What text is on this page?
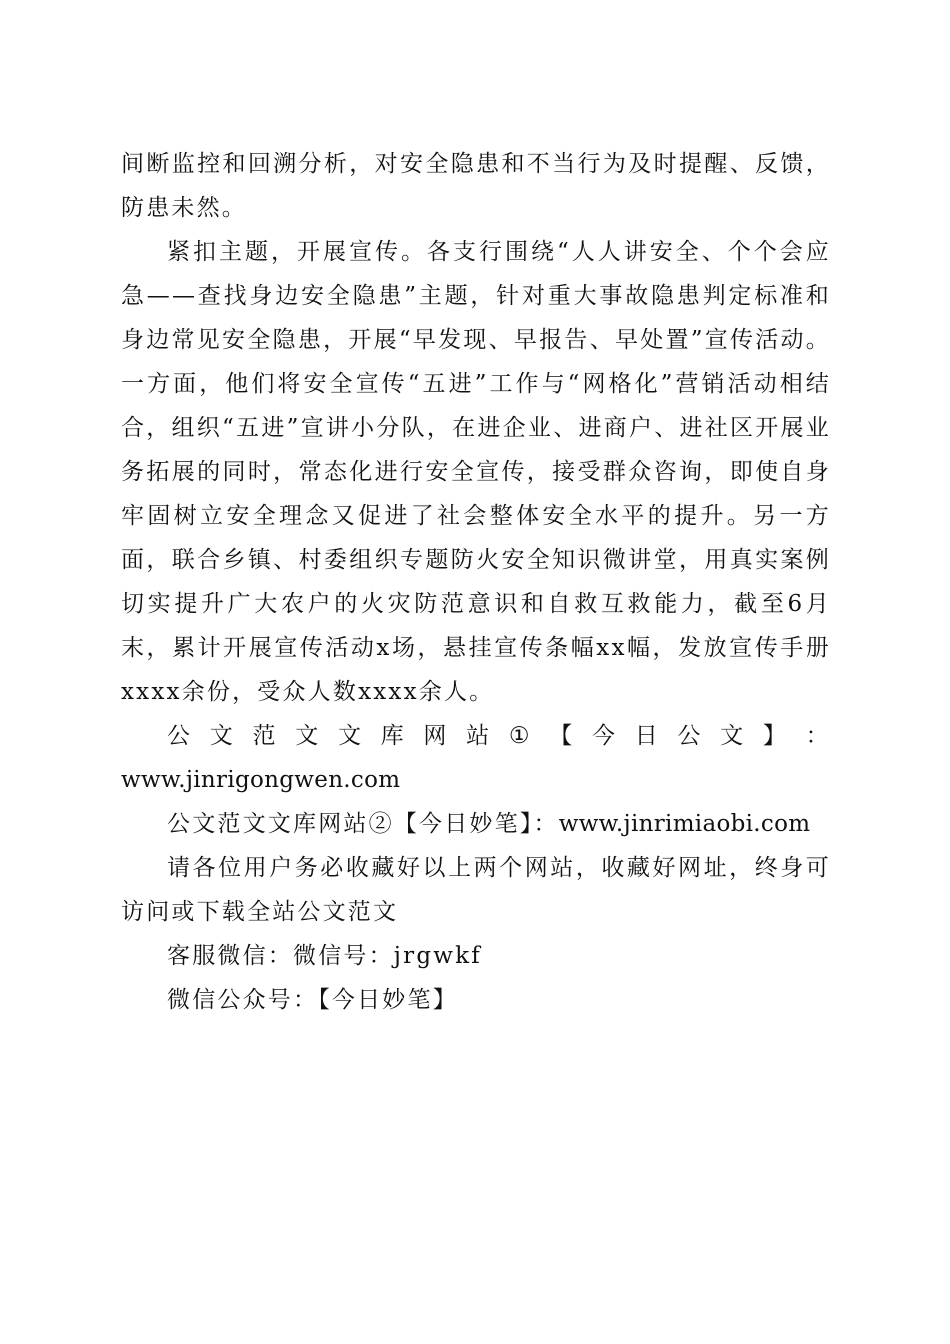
间断监控和回溯分析，对安全隐患和不当行为及时提醒、反馈，防患未然。

紧扣主题，开展宣传。各支行围绕“人人讲安全、个个会应急——查找身边安全隐患”主题，针对重大事故隐患判定标准和身边常见安全隐患，开展“早发现、早报告、早处置”宣传活动。一方面，他们将安全宣传“五进”工作与“网格化”营销活动相结合，组织“五进”宣讲小分队，在进企业、进商户、进社区开展业务拓展的同时，常态化进行安全宣传，接受群众咨询，即使自身牢固树立安全理念又促进了社会整体安全水平的提升。另一方面，联合乡镇、村委组织专题防火安全知识微讲堂，用真实案例切实提升广大农户的火灾防范意识和自救互救能力，截至6月末，累计开展宣传活动x场，悬挂宣传条幅xx幅，发放宣传手册xxxx余份，受众人数xxxx余人。

公 文 范 文 文 库 网 站 ① 【 今 日 公 文 】 ：
www.jinrigongwen.com

公文范文文库网站②【今日妙笔】：www.jinrimiaobi.com

请各位用户务必收藏好以上两个网站，收藏好网址，终身可访问或下载全站公文范文

客服微信：微信号：jrgwkf

微信公众号：【今日妙笔】
